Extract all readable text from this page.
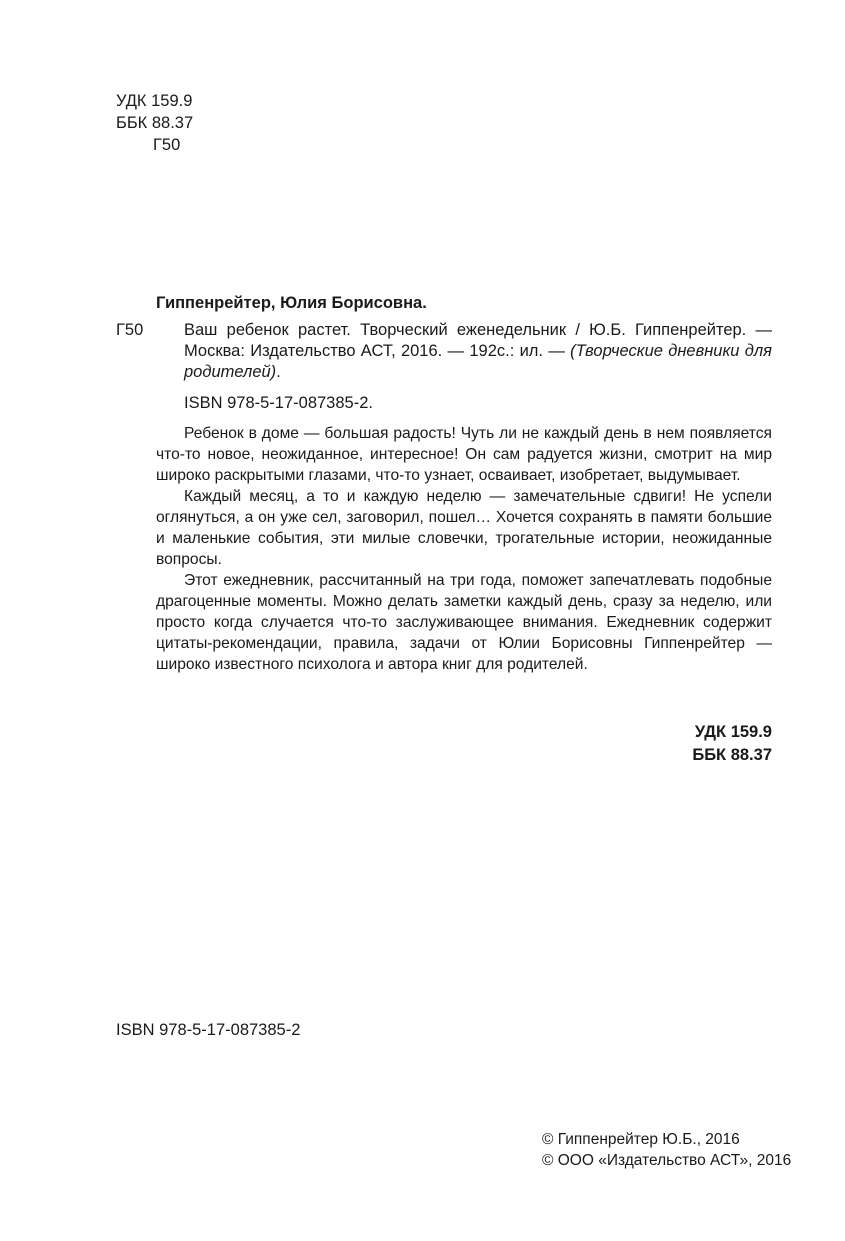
УДК 159.9
ББК 88.37
Г50
Гиппенрейтер, Юлия Борисовна.
Г50 Ваш ребенок растет. Творческий еженедельник / Ю.Б. Гиппенрейтер. — Москва: Издательство АСТ, 2016. — 192с.: ил. — (Творческие дневники для родителей).
ISBN 978-5-17-087385-2.

Ребенок в доме — большая радость! Чуть ли не каждый день в нем появляется что-то новое, неожиданное, интересное! Он сам радуется жизни, смотрит на мир широко раскрытыми глазами, что-то узнает, осваивает, изобретает, выдумывает.

Каждый месяц, а то и каждую неделю — замечательные сдвиги! Не успели оглянуться, а он уже сел, заговорил, пошел… Хочется сохранять в памяти большие и маленькие события, эти милые словечки, трогательные истории, неожиданные вопросы.

Этот ежедневник, рассчитанный на три года, поможет запечатлевать подобные драгоценные моменты. Можно делать заметки каждый день, сразу за неделю, или просто когда случается что-то заслуживающее внимания. Ежедневник содержит цитаты-рекомендации, правила, задачи от Юлии Борисовны Гиппенрейтер — широко известного психолога и автора книг для родителей.

УДК 159.9
ББК 88.37
ISBN 978-5-17-087385-2
© Гиппенрейтер Ю.Б., 2016
© ООО «Издательство АСТ», 2016
